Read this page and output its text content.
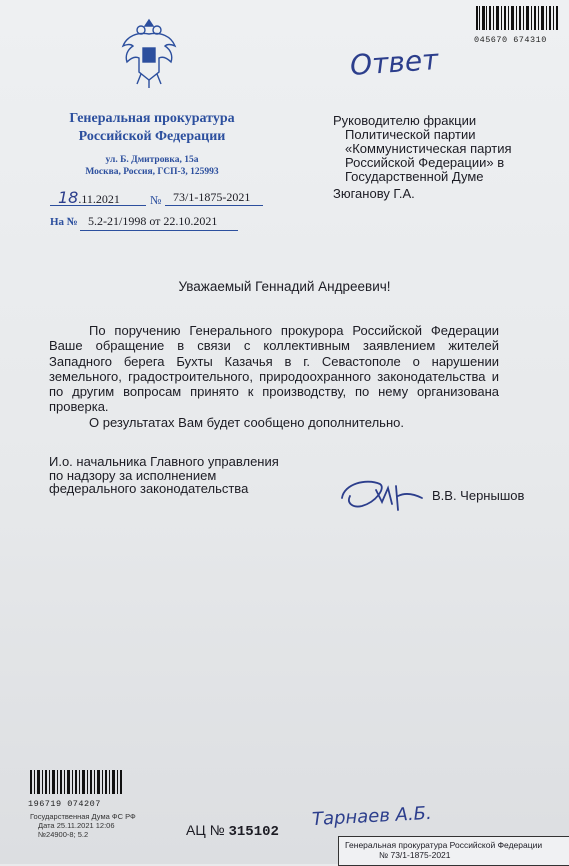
045670 674310
Ответ
Генеральная прокуратура
Российской Федерации
ул. Б. Дмитровка, 15а
Москва, Россия, ГСП-3, 125993
18.11.2021	№ 73/1-1875-2021
На № 5.2-21/1998 от 22.10.2021
Руководителю фракции
Политической партии
«Коммунистическая партия
Российской Федерации» в
Государственной Думе
Зюганову Г.А.
Уважаемый Геннадий Андреевич!

По поручению Генерального прокурора Российской Федерации Ваше обращение в связи с коллективным заявлением жителей Западного берега Бухты Казачья в г. Севастополе о нарушении земельного, градостроительного, природоохранного законодательства и по другим вопросам принято к производству, по нему организована проверка.

О результатах Вам будет сообщено дополнительно.

И.о. начальника Главного управления
по надзору за исполнением
федерального законодательства	В.В. Чернышов
196719 074207
Государственная Дума ФС РФ
Дата 25.11.2021 12:06
№24900-8; 5.2	АЦ № 315102
Тарнаев А.Б.
Генеральная прокуратура Российской Федерации
№ 73/1-1875-2021
